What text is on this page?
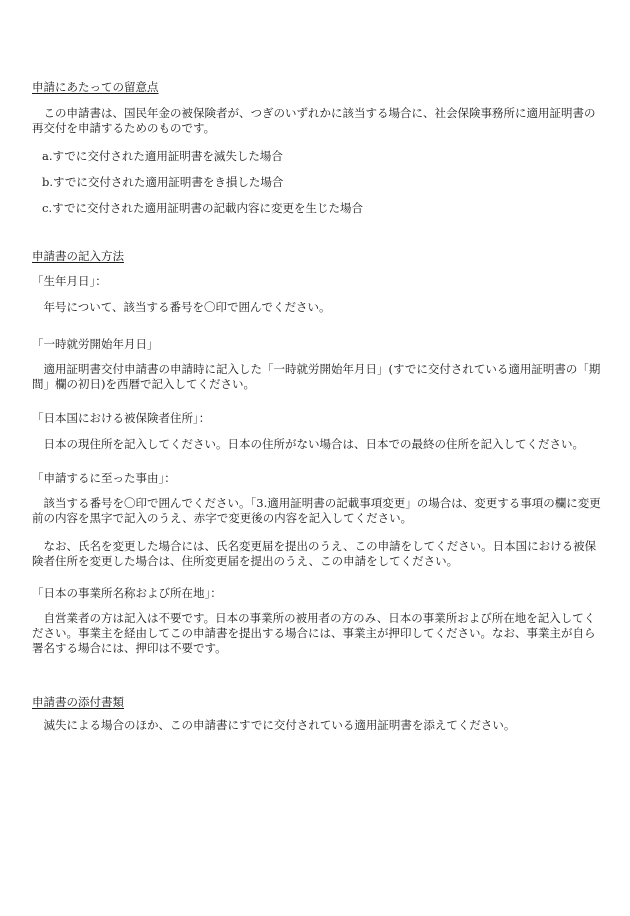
申請にあたっての留意点

この申請書は、国民年金の被保険者が、つぎのいずれかに該当する場合に、社会保険事務所に適用証明書の再交付を申請するためのものです。

a.すでに交付された適用証明書を滅失した場合

b.すでに交付された適用証明書をき損した場合

c.すでに交付された適用証明書の記載内容に変更を生じた場合

申請書の記入方法

「生年月日」：

年号について、該当する番号を〇印で囲んでください。

「一時就労開始年月日」

適用証明書交付申請書の申請時に記入した「一時就労開始年月日」(すでに交付されている適用証明書の「期間」欄の初日)を西暦で記入してください。

「日本国における被保険者住所」：

日本の現住所を記入してください。日本の住所がない場合は、日本での最終の住所を記入してください。

「申請するに至った事由」：

該当する番号を〇印で囲んでください。「3.適用証明書の記載事項変更」の場合は、変更する事項の欄に変更前の内容を黒字で記入のうえ、赤字で変更後の内容を記入してください。

なお、氏名を変更した場合には、氏名変更届を提出のうえ、この申請をしてください。日本国における被保険者住所を変更した場合は、住所変更届を提出のうえ、この申請をしてください。

「日本の事業所名称および所在地」：

自営業者の方は記入は不要です。日本の事業所の被用者の方のみ、日本の事業所および所在地を記入してください。事業主を経由してこの申請書を提出する場合には、事業主が押印してください。なお、事業主が自ら署名する場合には、押印は不要です。

申請書の添付書類

滅失による場合のほか、この申請書にすでに交付されている適用証明書を添えてください。
